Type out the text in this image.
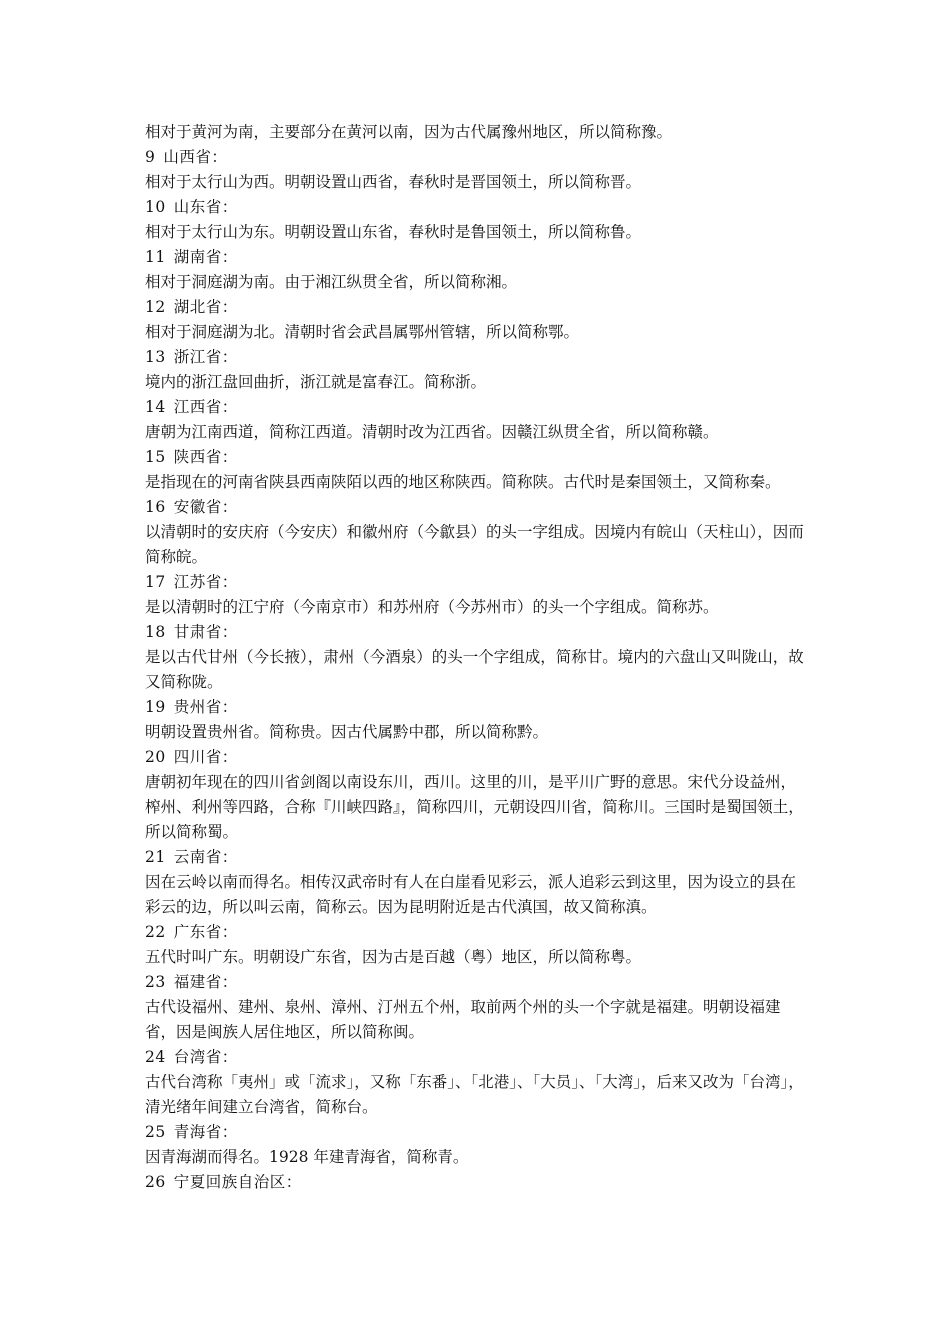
相对于黄河为南，主要部分在黄河以南，因为古代属豫州地区，所以简称豫。

9 山西省：

相对于太行山为西。明朝设置山西省，春秋时是晋国领土，所以简称晋。

10 山东省：

相对于太行山为东。明朝设置山东省，春秋时是鲁国领土，所以简称鲁。

11 湖南省：

相对于洞庭湖为南。由于湘江纵贯全省，所以简称湘。

12 湖北省：

相对于洞庭湖为北。清朝时省会武昌属鄂州管辖，所以简称鄂。

13 浙江省：

境内的浙江盘回曲折，浙江就是富春江。简称浙。

14 江西省：

唐朝为江南西道，简称江西道。清朝时改为江西省。因赣江纵贯全省，所以简称赣。

15 陕西省：

是指现在的河南省陕县西南陕陌以西的地区称陕西。简称陕。古代时是秦国领土，又简称秦。

16 安徽省：

以清朝时的安庆府（今安庆）和徽州府（今歙县）的头一字组成。因境内有皖山（天柱山），因而简称皖。

17 江苏省：

是以清朝时的江宁府（今南京市）和苏州府（今苏州市）的头一个字组成。简称苏。

18 甘肃省：

是以古代甘州（今长掖），肃州（今酒泉）的头一个字组成，简称甘。境内的六盘山又叫陇山，故又简称陇。

19 贵州省：

明朝设置贵州省。简称贵。因古代属黔中郡，所以简称黔。

20 四川省：

唐朝初年现在的四川省剑阁以南设东川，西川。这里的川，是平川广野的意思。宋代分设益州，榨州、利州等四路，合称『川峡四路』，简称四川，元朝设四川省，简称川。三国时是蜀国领土，所以简称蜀。

21 云南省：

因在云岭以南而得名。相传汉武帝时有人在白崖看见彩云，派人追彩云到这里，因为设立的县在彩云的边，所以叫云南，简称云。因为昆明附近是古代滇国，故又简称滇。

22 广东省：

五代时叫广东。明朝设广东省，因为古是百越（粤）地区，所以简称粤。

23 福建省：

古代设福州、建州、泉州、漳州、汀州五个州，取前两个州的头一个字就是福建。明朝设福建省，因是闽族人居住地区，所以简称闽。

24 台湾省：

古代台湾称「夷州」或「流求」，又称「东番」、「北港」、「大员」、「大湾」，后来又改为「台湾」，清光绪年间建立台湾省，简称台。

25 青海省：

因青海湖而得名。1928 年建青海省，简称青。

26 宁夏回族自治区：
